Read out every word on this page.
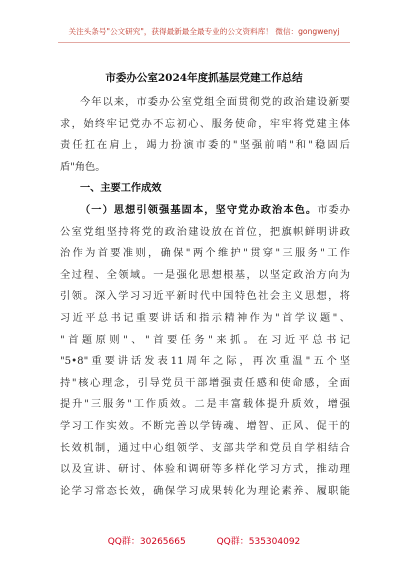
关注头条号"公文研究"，获得最新最全最专业的公文资料库！ 微信：gongwenyj
市委办公室2024年度抓基层党建工作总结
今年以来，市委办公室党组全面贯彻党的政治建设新要
求，始终牢记党办不忘初心、服务使命，牢牢将党建主体
责任扛在肩上，竭力扮演市委的"坚强前哨"和"稳固后
盾"角色。
一、主要工作成效
（一）思想引领强基固本，坚守党办政治本色。市委办
公室党组坚持将党的政治建设放在首位，把旗帜鲜明讲政
治作为首要准则，确保"两个维护"贯穿"三服务"工作
全过程、全领域。一是强化思想根基，以坚定政治方向为
引领。深入学习习近平新时代中国特色社会主义思想，将
习近平总书记重要讲话和指示精神作为"首学议题"、
"首题原则"、"首要任务"来抓。在习近平总书记
"5•8"重要讲话发表11周年之际，再次重温"五个坚
持"核心理念，引导党员干部增强责任感和使命感，全面
提升"三服务"工作质效。二是丰富载体提升质效，增强
学习工作实效。不断完善以学铸魂、增智、正风、促干的
长效机制，通过中心组领学、支部共学和党员自学相结合
以及宣讲、研讨、体验和调研等多样化学习方式，推动理
论学习常态长效，确保学习成果转化为理论素养、履职能
QQ群：30265665	QQ群：535304092
